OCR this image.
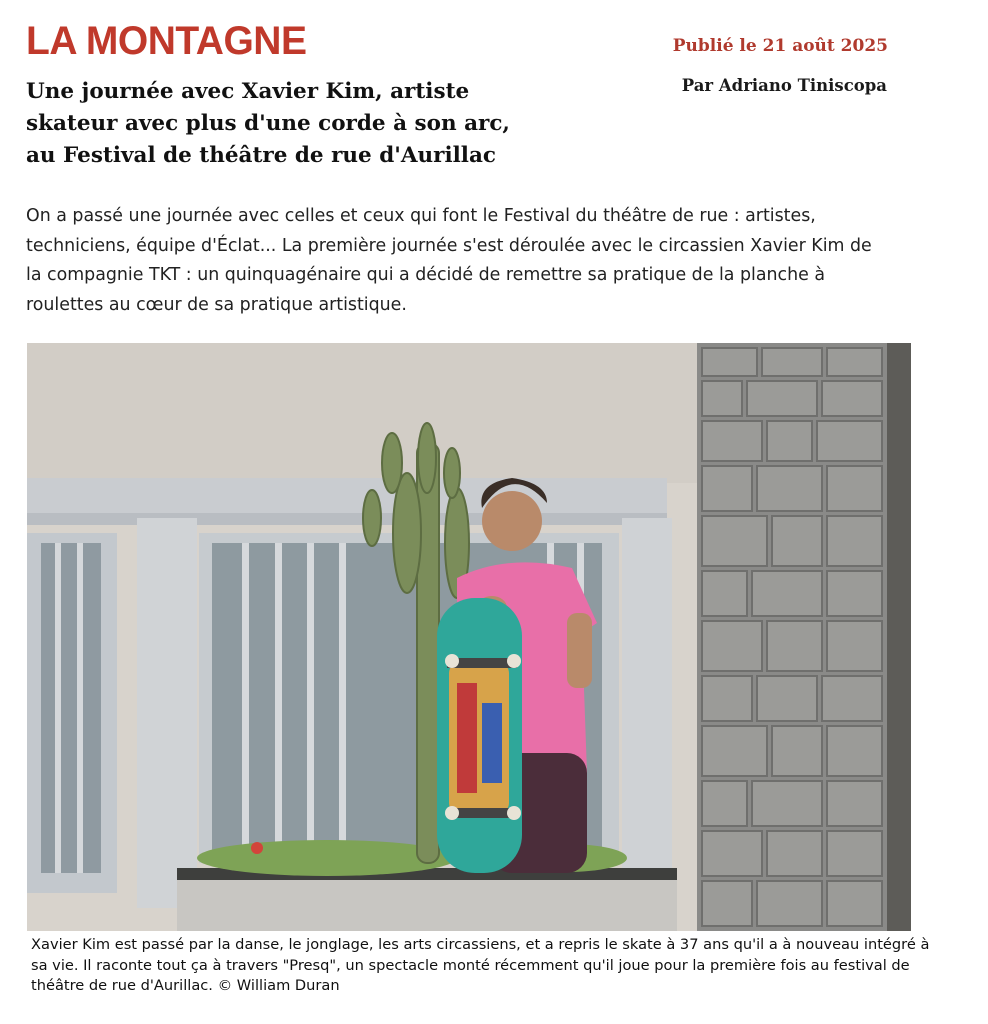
LA MONTAGNE	Publié le 21 août 2025
Par Adriano Tiniscopa
Une journée avec Xavier Kim, artiste skateur avec plus d'une corde à son arc, au Festival de théâtre de rue d'Aurillac

On a passé une journée avec celles et ceux qui font le Festival du théâtre de rue : artistes, techniciens, équipe d'Éclat... La première journée s'est déroulée avec le circassien Xavier Kim de la compagnie TKT : un quinquagénaire qui a décidé de remettre sa pratique de la planche à roulettes au cœur de sa pratique artistique.

Xavier Kim est passé par la danse, le jonglage, les arts circassiens, et a repris le skate à 37 ans qu'il a à nouveau intégré à sa vie. Il raconte tout ça à travers "Presq", un spectacle monté récemment qu'il joue pour la première fois au festival de théâtre de rue d'Aurillac. © William Duran
